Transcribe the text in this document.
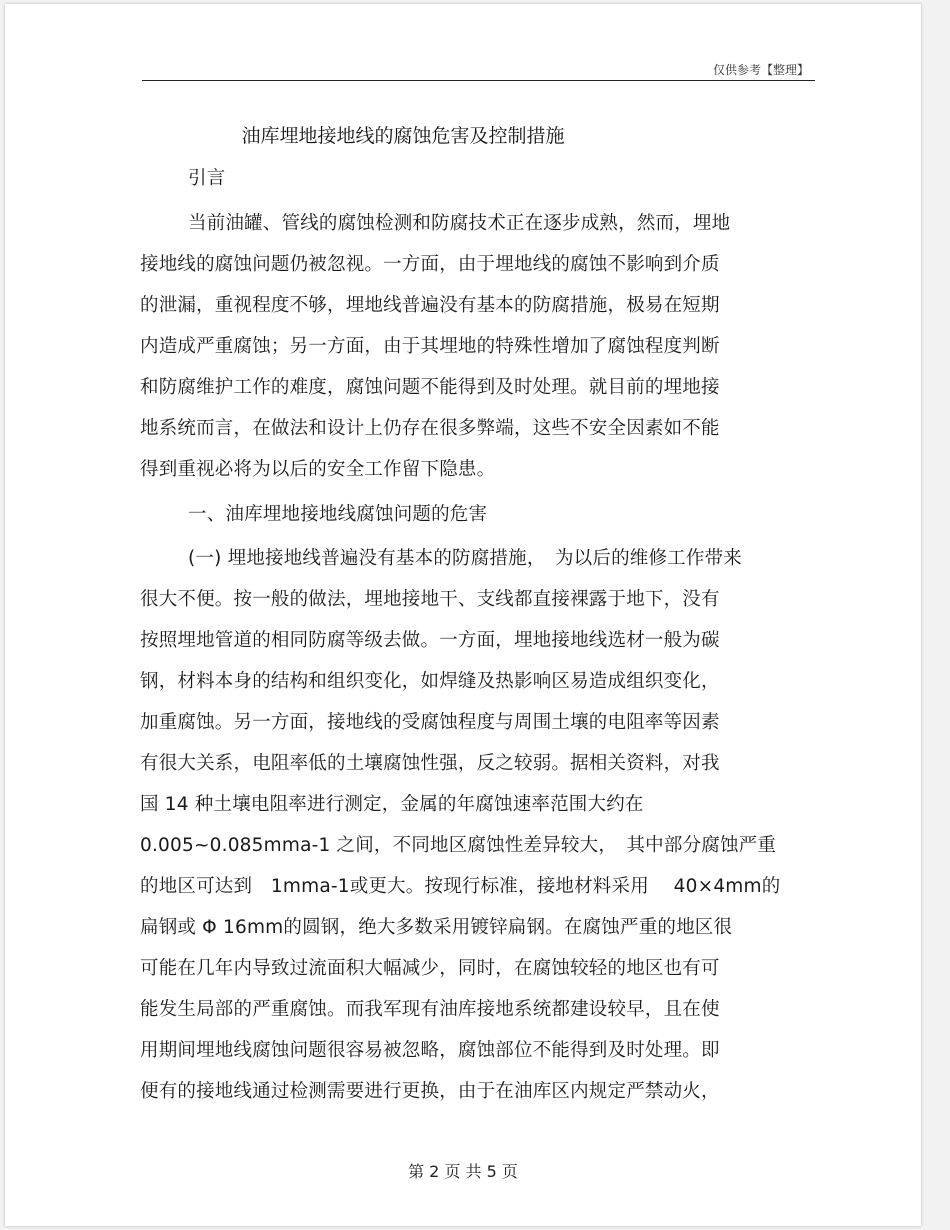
仅供参考【整理】
油库埋地接地线的腐蚀危害及控制措施
引言
当前油罐、管线的腐蚀检测和防腐技术正在逐步成熟，然而，埋地
接地线的腐蚀问题仍被忽视。一方面，由于埋地线的腐蚀不影响到介质
的泄漏，重视程度不够，埋地线普遍没有基本的防腐措施，极易在短期
内造成严重腐蚀；另一方面，由于其埋地的特殊性增加了腐蚀程度判断
和防腐维护工作的难度，腐蚀问题不能得到及时处理。就目前的埋地接
地系统而言，在做法和设计上仍存在很多弊端，这些不安全因素如不能
得到重视必将为以后的安全工作留下隐患。
一、油库埋地接地线腐蚀问题的危害
(一) 埋地接地线普遍没有基本的防腐措施，　为以后的维修工作带来
很大不便。按一般的做法，埋地接地干、支线都直接裸露于地下，没有
按照埋地管道的相同防腐等级去做。一方面，埋地接地线选材一般为碳
钢，材料本身的结构和组织变化，如焊缝及热影响区易造成组织变化，
加重腐蚀。另一方面，接地线的受腐蚀程度与周围土壤的电阻率等因素
有很大关系，电阻率低的土壤腐蚀性强，反之较弱。据相关资料，对我
国 14 种土壤电阻率进行测定，金属的年腐蚀速率范围大约在
0.005~0.085mma-1 之间，不同地区腐蚀性差异较大，　其中部分腐蚀严重
的地区可达到　1mma-1或更大。按现行标准，接地材料采用　 40×4mm的
扁钢或 Φ 16mm的圆钢，绝大多数采用镀锌扁钢。在腐蚀严重的地区很
可能在几年内导致过流面积大幅减少，同时，在腐蚀较轻的地区也有可
能发生局部的严重腐蚀。而我军现有油库接地系统都建设较早，且在使
用期间埋地线腐蚀问题很容易被忽略，腐蚀部位不能得到及时处理。即
便有的接地线通过检测需要进行更换，由于在油库区内规定严禁动火，
第 2 页 共 5 页
